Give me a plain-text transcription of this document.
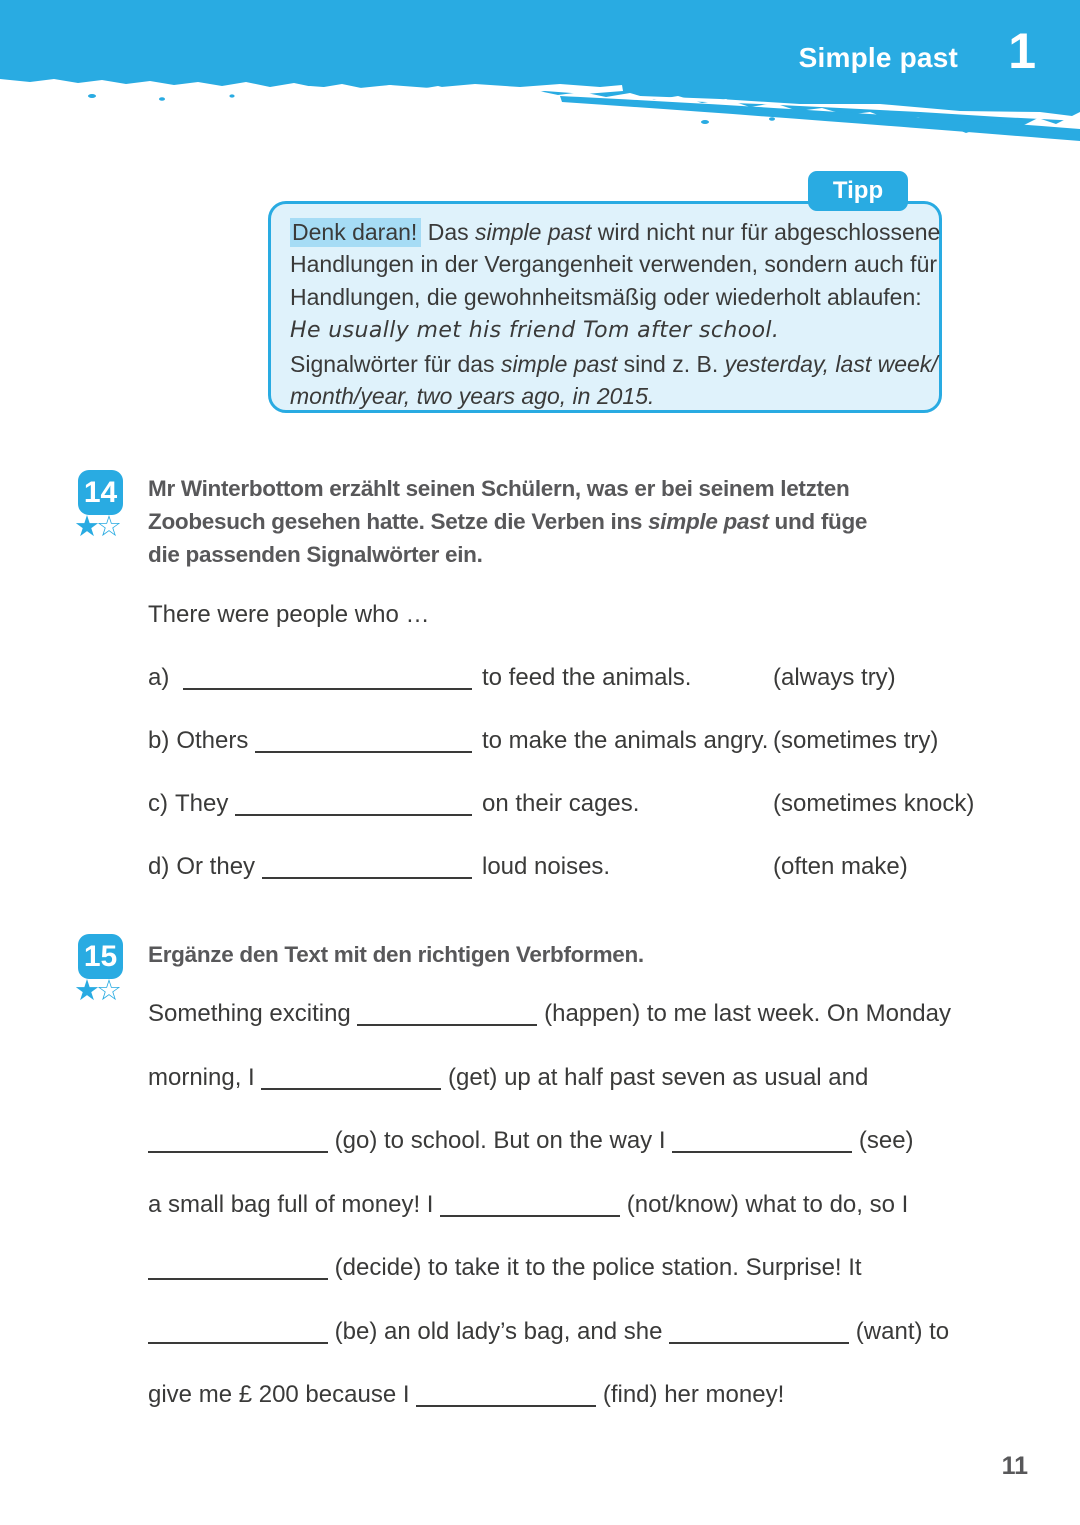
Simple past 1
Tipp
Denk daran! Das simple past wird nicht nur für abgeschlossene
Handlungen in der Vergangenheit verwenden, sondern auch für
Handlungen, die gewohnheitsmäßig oder wiederholt ablaufen:
He usually met his friend Tom after school.
Signalwörter für das simple past sind z. B. yesterday, last week/
month/year, two years ago, in 2015.
14
★☆
Mr Winterbottom erzählt seinen Schülern, was er bei seinem letzten
Zoobesuch gesehen hatte. Setze die Verben ins simple past und füge
die passenden Signalwörter ein.
There were people who …
a)	to feed the animals.	(always try)
b) Others	to make the animals angry. (sometimes try)
c) They	on their cages.	(sometimes knock)
d) Or they	loud noises.	(often make)
15
★☆
Ergänze den Text mit den richtigen Verbformen.
Something exciting	(happen) to me last week. On Monday
morning, I	(get) up at half past seven as usual and
(go) to school. But on the way I	(see)
a small bag full of money! I	(not/know) what to do, so I
(decide) to take it to the police station. Surprise! It
(be) an old lady’s bag, and she	(want) to
give me £ 200 because I	(find) her money!
11
